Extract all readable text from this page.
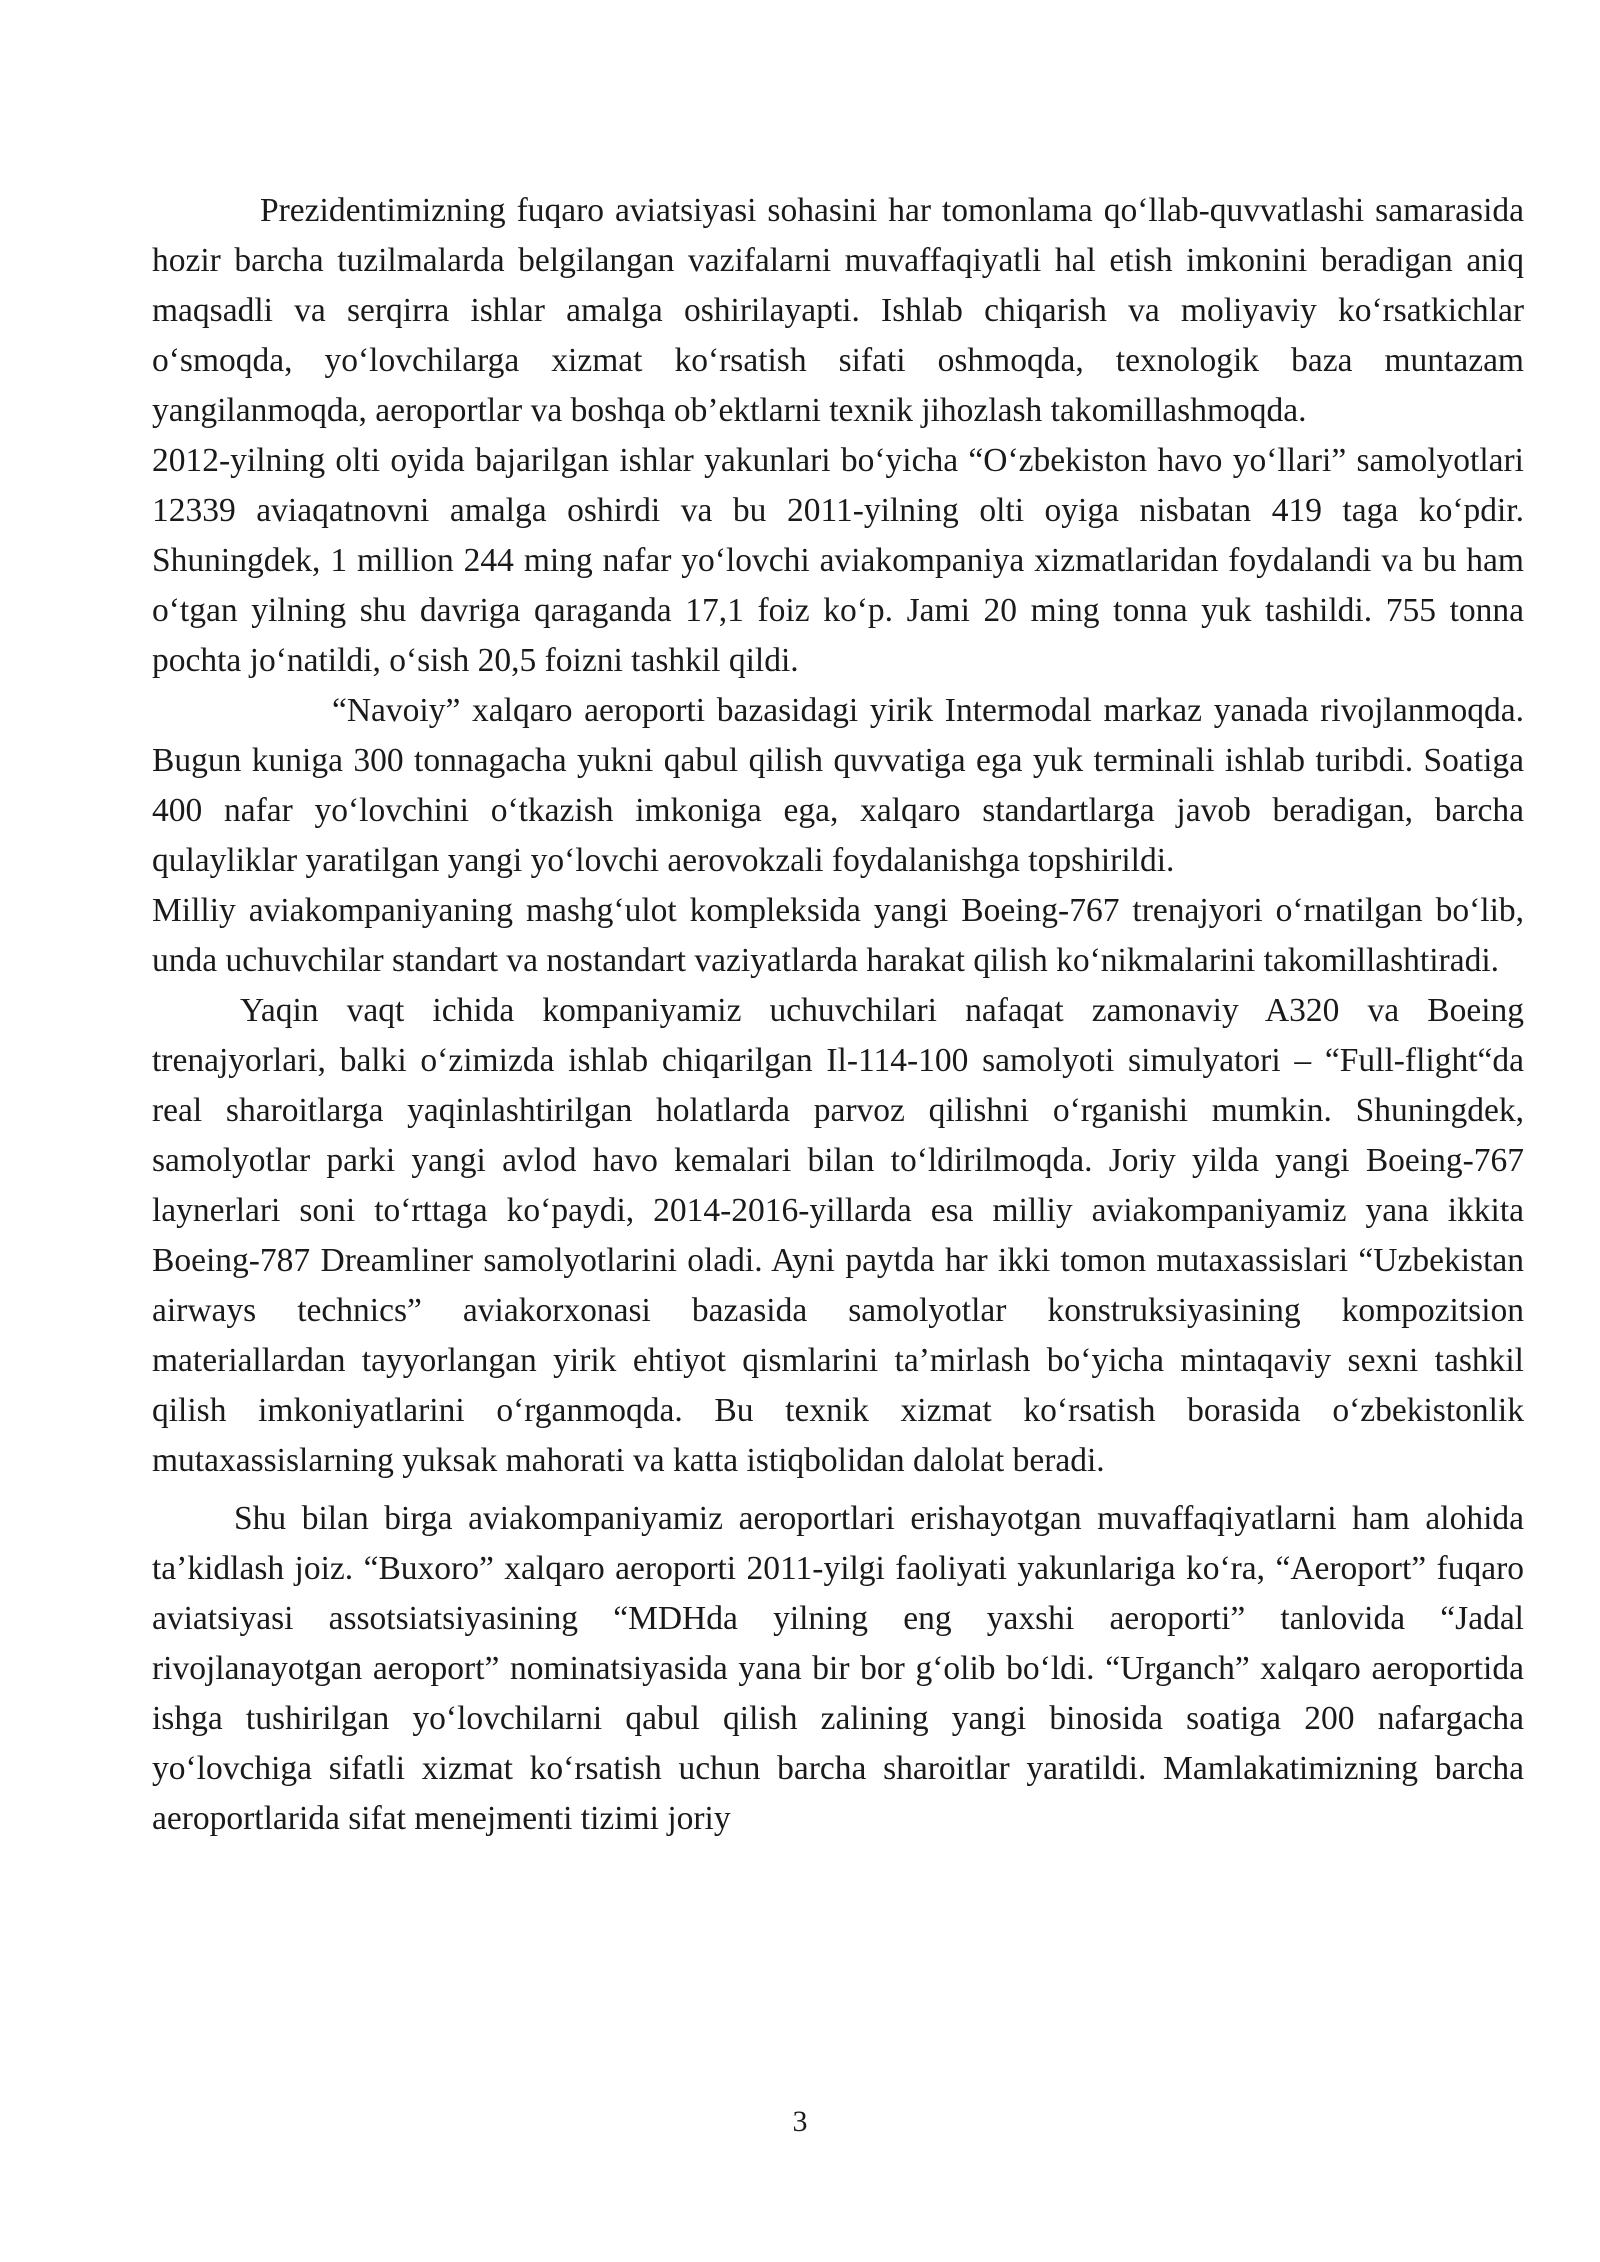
Prezidentimizning fuqaro aviatsiyasi sohasini har tomonlama qo‘llab-quvvatlashi samarasida hozir barcha tuzilmalarda belgilangan vazifalarni muvaffaqiyatli hal etish imkonini beradigan aniq maqsadli va serqirra ishlar amalga oshirilayapti. Ishlab chiqarish va moliyaviy ko‘rsatkichlar o‘smoqda, yo‘lovchilarga xizmat ko‘rsatish sifati oshmoqda, texnologik baza muntazam yangilanmoqda, aeroportlar va boshqa ob’ektlarni texnik jihozlash takomillashmoqda.

2012-yilning olti oyida bajarilgan ishlar yakunlari bo‘yicha “O‘zbekiston havo yo‘llari” samolyotlari 12339 aviaqatnovni amalga oshirdi va bu 2011-yilning olti oyiga nisbatan 419 taga ko‘pdir. Shuningdek, 1 million 244 ming nafar yo‘lovchi aviakompaniya xizmatlaridan foydalandi va bu ham o‘tgan yilning shu davriga qaraganda 17,1 foiz ko‘p. Jami 20 ming tonna yuk tashildi. 755 tonna pochta jo‘natildi, o‘sish 20,5 foizni tashkil qildi.

“Navoiy” xalqaro aeroporti bazasidagi yirik Intermodal markaz yanada rivojlanmoqda. Bugun kuniga 300 tonnagacha yukni qabul qilish quvvatiga ega yuk terminali ishlab turibdi. Soatiga 400 nafar yo‘lovchini o‘tkazish imkoniga ega, xalqaro standartlarga javob beradigan, barcha qulayliklar yaratilgan yangi yo‘lovchi aerovokzali foydalanishga topshirildi.

Milliy aviakompaniyaning mashg‘ulot kompleksida yangi Boeing-767 trenajyori o‘rnatilgan bo‘lib, unda uchuvchilar standart va nostandart vaziyatlarda harakat qilish ko‘nikmalarini takomillashtiradi.

Yaqin vaqt ichida kompaniyamiz uchuvchilari nafaqat zamonaviy A320 va Boeing trenajyorlari, balki o‘zimizda ishlab chiqarilgan Il-114-100 samolyoti simulyatori – “Full-flight“da real sharoitlarga yaqinlashtirilgan holatlarda parvoz qilishni o‘rganishi mumkin. Shuningdek, samolyotlar parki yangi avlod havo kemalari bilan to‘ldirilmoqda. Joriy yilda yangi Boeing-767 laynerlari soni to‘rttaga ko‘paydi, 2014-2016-yillarda esa milliy aviakompaniyamiz yana ikkita Boeing-787 Dreamliner samolyotlarini oladi. Ayni paytda har ikki tomon mutaxassislari “Uzbekistan airways technics” aviakorxonasi bazasida samolyotlar konstruksiyasining kompozitsion materiallardan tayyorlangan yirik ehtiyot qismlarini ta’mirlash bo‘yicha mintaqaviy sexni tashkil qilish imkoniyatlarini o‘rganmoqda. Bu texnik xizmat ko‘rsatish borasida o‘zbekistonlik mutaxassislarning yuksak mahorati va katta istiqbolidan dalolat beradi.

Shu bilan birga aviakompaniyamiz aeroportlari erishayotgan muvaffaqiyatlarni ham alohida ta’kidlash joiz. “Buxoro” xalqaro aeroporti 2011-yilgi faoliyati yakunlariga ko‘ra, “Aeroport” fuqaro aviatsiyasi assotsiatsiyasining “MDHda yilning eng yaxshi aeroporti” tanlovida “Jadal rivojlanayotgan aeroport” nominatsiyasida yana bir bor g‘olib bo‘ldi. “Urganch” xalqaro aeroportida ishga tushirilgan yo‘lovchilarni qabul qilish zalining yangi binosida soatiga 200 nafargacha yo‘lovchiga sifatli xizmat ko‘rsatish uchun barcha sharoitlar yaratildi. Mamlakatimizning barcha aeroportlarida sifat menejmenti tizimi joriy

3
